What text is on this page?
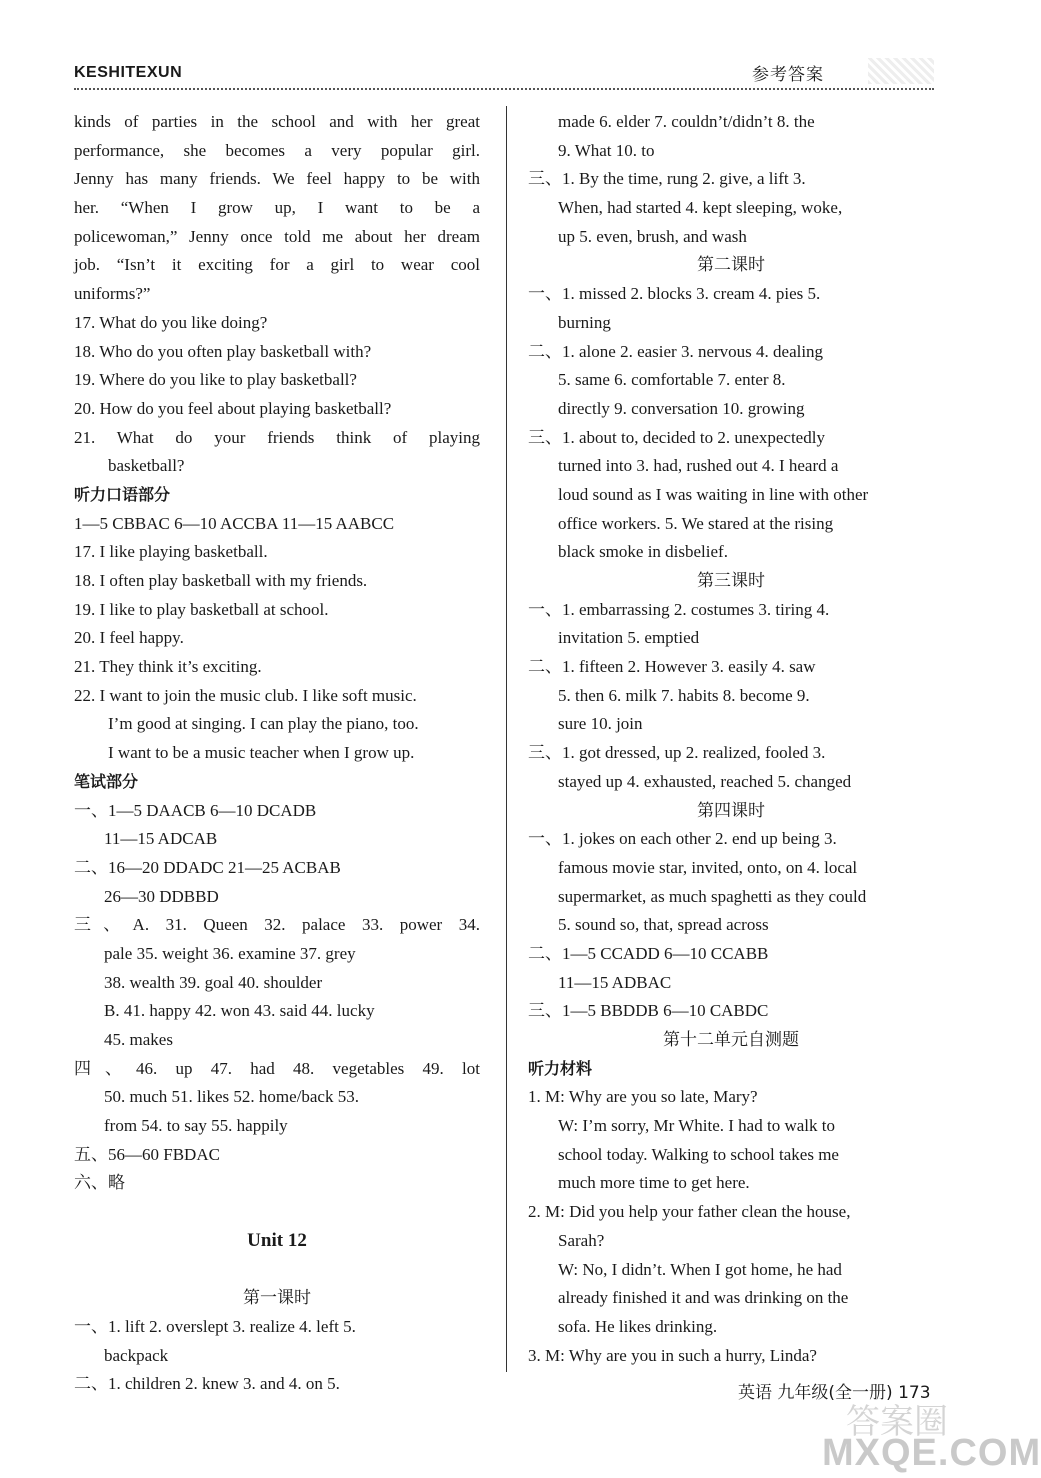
KESHITEXUN	参考答案
kinds of parties in the school and with her great
performance, she becomes a very popular girl.
Jenny has many friends. We feel happy to be with
her. “When I grow up, I want to be a
policewoman,” Jenny once told me about her dream
job. “Isn’t it exciting for a girl to wear cool
uniforms?”
17. What do you like doing?
18. Who do you often play basketball with?
19. Where do you like to play basketball?
20. How do you feel about playing basketball?
21. What do your friends think of playing
basketball?
听力口语部分
1—5 CBBAC 6—10 ACCBA 11—15 AABCC
17. I like playing basketball.
18. I often play basketball with my friends.
19. I like to play basketball at school.
20. I feel happy.
21. They think it’s exciting.
22. I want to join the music club. I like soft music.
I’m good at singing. I can play the piano, too.
I want to be a music teacher when I grow up.
笔试部分
一、1—5 DAACB 6—10 DCADB
11—15 ADCAB
二、16—20 DDADC 21—25 ACBAB
26—30 DDBBD
三、A. 31. Queen 32. palace 33. power 34.
pale 35. weight 36. examine 37. grey
38. wealth 39. goal 40. shoulder
B. 41. happy 42. won 43. said 44. lucky
45. makes
四、46. up 47. had 48. vegetables 49. lot
50. much 51. likes 52. home/back 53.
from 54. to say 55. happily
五、56—60 FBDAC
六、略
Unit 12
第一课时
一、1. lift 2. overslept 3. realize 4. left 5.
backpack
二、1. children 2. knew 3. and 4. on 5.
made 6. elder 7. couldn’t/didn’t 8. the
9. What 10. to
三、1. By the time, rung 2. give, a lift 3.
When, had started 4. kept sleeping, woke,
up 5. even, brush, and wash
第二课时
一、1. missed 2. blocks 3. cream 4. pies 5.
burning
二、1. alone 2. easier 3. nervous 4. dealing
5. same 6. comfortable 7. enter 8.
directly 9. conversation 10. growing
三、1. about to, decided to 2. unexpectedly
turned into 3. had, rushed out 4. I heard a
loud sound as I was waiting in line with other
office workers. 5. We stared at the rising
black smoke in disbelief.
第三课时
一、1. embarrassing 2. costumes 3. tiring 4.
invitation 5. emptied
二、1. fifteen 2. However 3. easily 4. saw
5. then 6. milk 7. habits 8. become 9.
sure 10. join
三、1. got dressed, up 2. realized, fooled 3.
stayed up 4. exhausted, reached 5. changed
第四课时
一、1. jokes on each other 2. end up being 3.
famous movie star, invited, onto, on 4. local
supermarket, as much spaghetti as they could
5. sound so, that, spread across
二、1—5 CCADD 6—10 CCABB
11—15 ADBAC
三、1—5 BBDDB 6—10 CABDC
第十二单元自测题
听力材料
1. M: Why are you so late, Mary?
W: I’m sorry, Mr White. I had to walk to
school today. Walking to school takes me
much more time to get here.
2. M: Did you help your father clean the house,
Sarah?
W: No, I didn’t. When I got home, he had
already finished it and was drinking on the
sofa. He likes drinking.
3. M: Why are you in such a hurry, Linda?
英语 九年级(全一册) 173
答案圈
MXQE.COM
